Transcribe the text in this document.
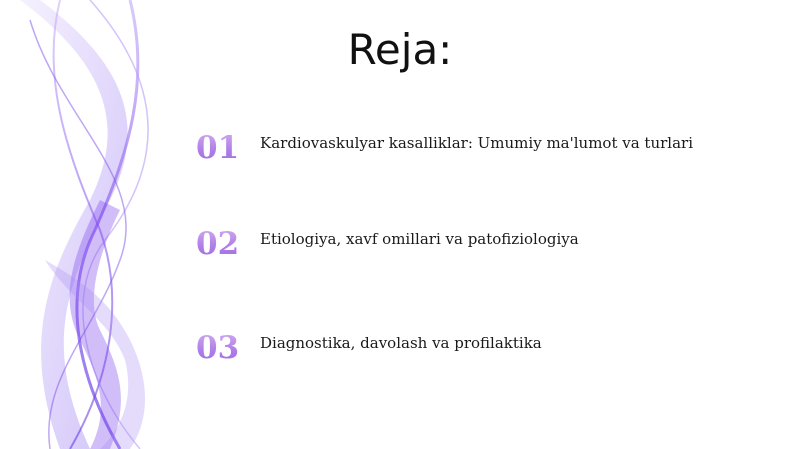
Reja:
01	Kardiovaskulyar kasalliklar: Umumiy ma'lumot va turlari
02	Etiologiya, xavf omillari va patofiziologiya
03	Diagnostika, davolash va profilaktika
